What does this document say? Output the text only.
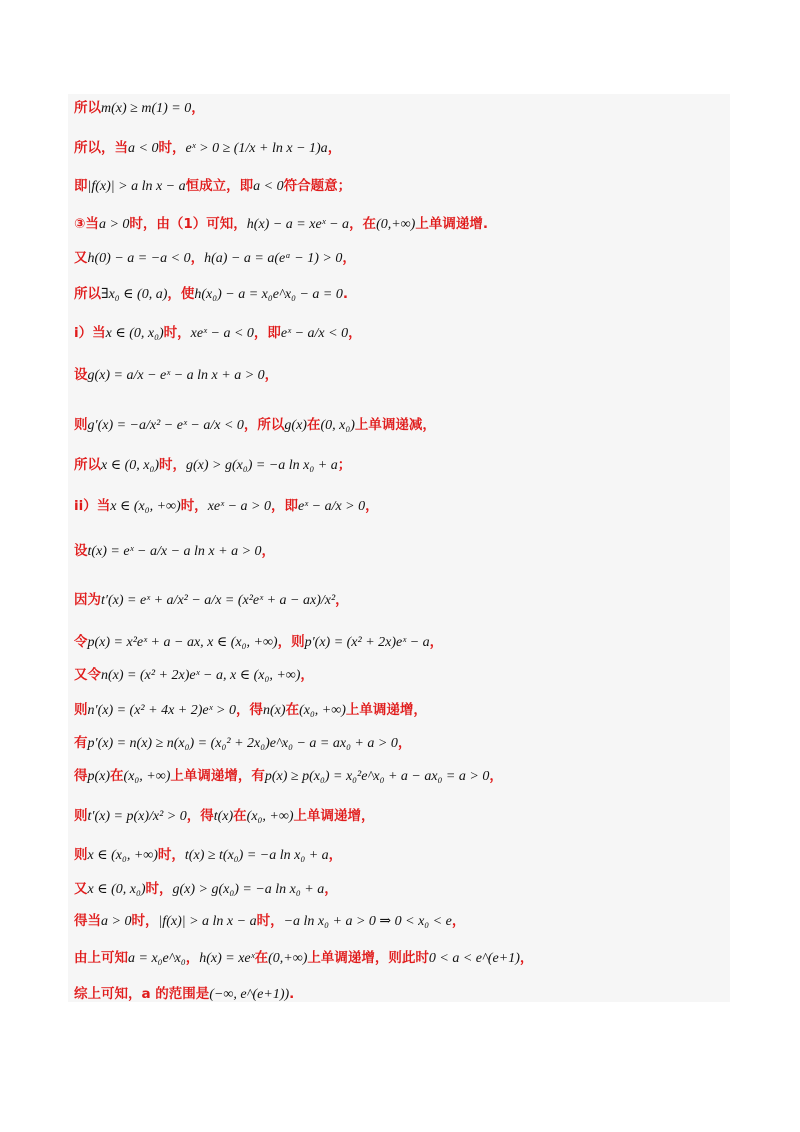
所以m(x) ≥ m(1) = 0，
所以，当a < 0时，eˣ > 0 ≥ (1/x + ln x − 1)a，
即|f(x)| > a ln x − a恒成立，即a < 0符合题意；
③当a > 0时，由（1）可知，h(x) − a = xeˣ − a，在(0,+∞)上单调递增.
又h(0) − a = −a < 0，h(a) − a = a(eᵃ − 1) > 0，
所以∃x₀ ∈ (0, a)，使h(x₀) − a = x₀e^x₀ − a = 0.
i）当x ∈ (0, x₀)时，xeˣ − a < 0，即eˣ − a/x < 0，
设g(x) = a/x − eˣ − a ln x + a > 0，
则g′(x) = −a/x² − eˣ − a/x < 0，所以g(x)在(0, x₀)上单调递减，
所以x ∈ (0, x₀)时，g(x) > g(x₀) = −a ln x₀ + a；
ii）当x ∈ (x₀, +∞)时，xeˣ − a > 0，即eˣ − a/x > 0，
设t(x) = eˣ − a/x − a ln x + a > 0，
因为t′(x) = eˣ + a/x² − a/x = (x²eˣ + a − ax)/x²，
令p(x) = x²eˣ + a − ax, x ∈ (x₀, +∞)，则p′(x) = (x² + 2x)eˣ − a，
又令n(x) = (x² + 2x)eˣ − a, x ∈ (x₀, +∞)，
则n′(x) = (x² + 4x + 2)eˣ > 0，得n(x)在(x₀, +∞)上单调递增，
有p′(x) = n(x) ≥ n(x₀) = (x₀² + 2x₀)e^x₀ − a = ax₀ + a > 0，
得p(x)在(x₀, +∞)上单调递增，有p(x) ≥ p(x₀) = x₀²e^x₀ + a − ax₀ = a > 0，
则t′(x) = p(x)/x² > 0，得t(x)在(x₀, +∞)上单调递增，
则x ∈ (x₀, +∞)时，t(x) ≥ t(x₀) = −a ln x₀ + a，
又x ∈ (0, x₀)时，g(x) > g(x₀) = −a ln x₀ + a，
得当a > 0时，|f(x)| > a ln x − a时，−a ln x₀ + a > 0 ⇒ 0 < x₀ < e，
由上可知a = x₀e^x₀，h(x) = xeˣ在(0,+∞)上单调递增，则此时0 < a < e^(e+1)，
综上可知，a 的范围是(−∞, e^(e+1)).
